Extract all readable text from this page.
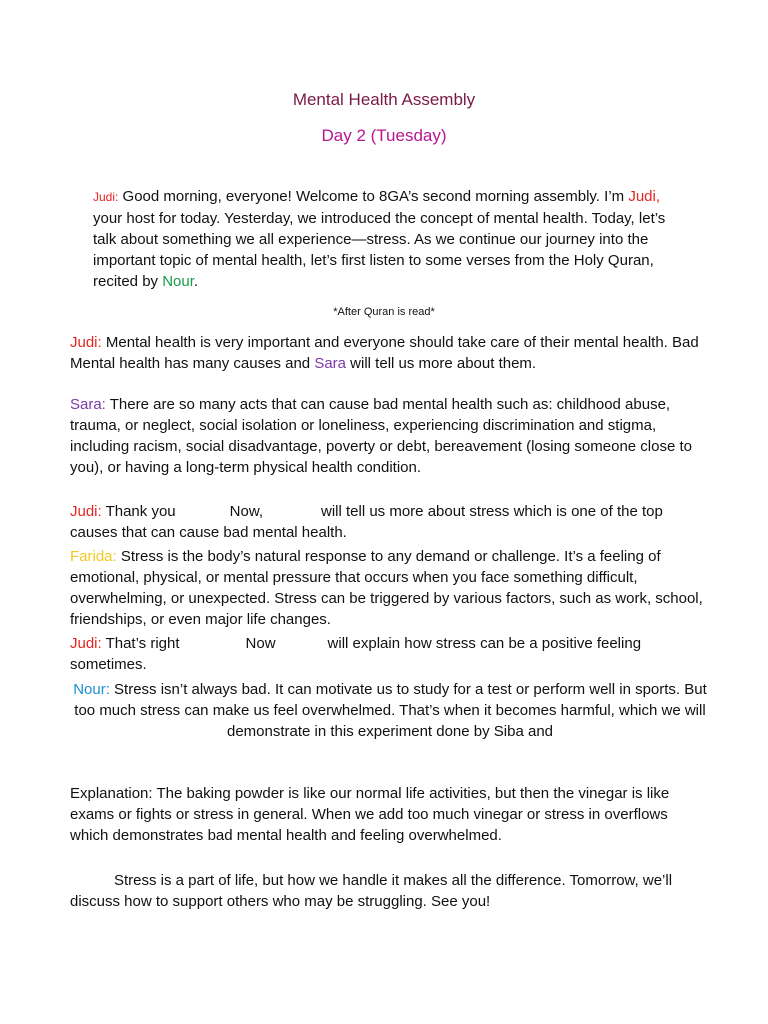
Mental Health Assembly
Day 2 (Tuesday)
Judi: Good morning, everyone! Welcome to 8GA’s second morning assembly. I’m Judi, your host for today. Yesterday, we introduced the concept of mental health. Today, let’s talk about something we all experience—stress. As we continue our journey into the important topic of mental health, let’s first listen to some verses from the Holy Quran, recited by Nour.
*After Quran is read*
Judi: Mental health is very important and everyone should take care of their mental health. Bad Mental health has many causes and Sara will tell us more about them.
Sara: There are so many acts that can cause bad mental health such as: childhood abuse, trauma, or neglect, social isolation or loneliness, experiencing discrimination and stigma, including racism, social disadvantage, poverty or debt, bereavement (losing someone close to you), or having a long-term physical health condition.
Judi: Thank you	Now,	will tell us more about stress which is one of the top causes that can cause bad mental health.
Farida: Stress is the body’s natural response to any demand or challenge. It’s a feeling of emotional, physical, or mental pressure that occurs when you face something difficult, overwhelming, or unexpected. Stress can be triggered by various factors, such as work, school, friendships, or even major life changes.
Judi: That’s right	Now	will explain how stress can be a positive feeling sometimes.
Nour: Stress isn’t always bad. It can motivate us to study for a test or perform well in sports. But too much stress can make us feel overwhelmed. That’s when it becomes harmful, which we will demonstrate in this experiment done by Siba and
Explanation: The baking powder is like our normal life activities, but then the vinegar is like exams or fights or stress in general. When we add too much vinegar or stress in overflows which demonstrates bad mental health and feeling overwhelmed.
Stress is a part of life, but how we handle it makes all the difference. Tomorrow, we’ll discuss how to support others who may be struggling. See you!
